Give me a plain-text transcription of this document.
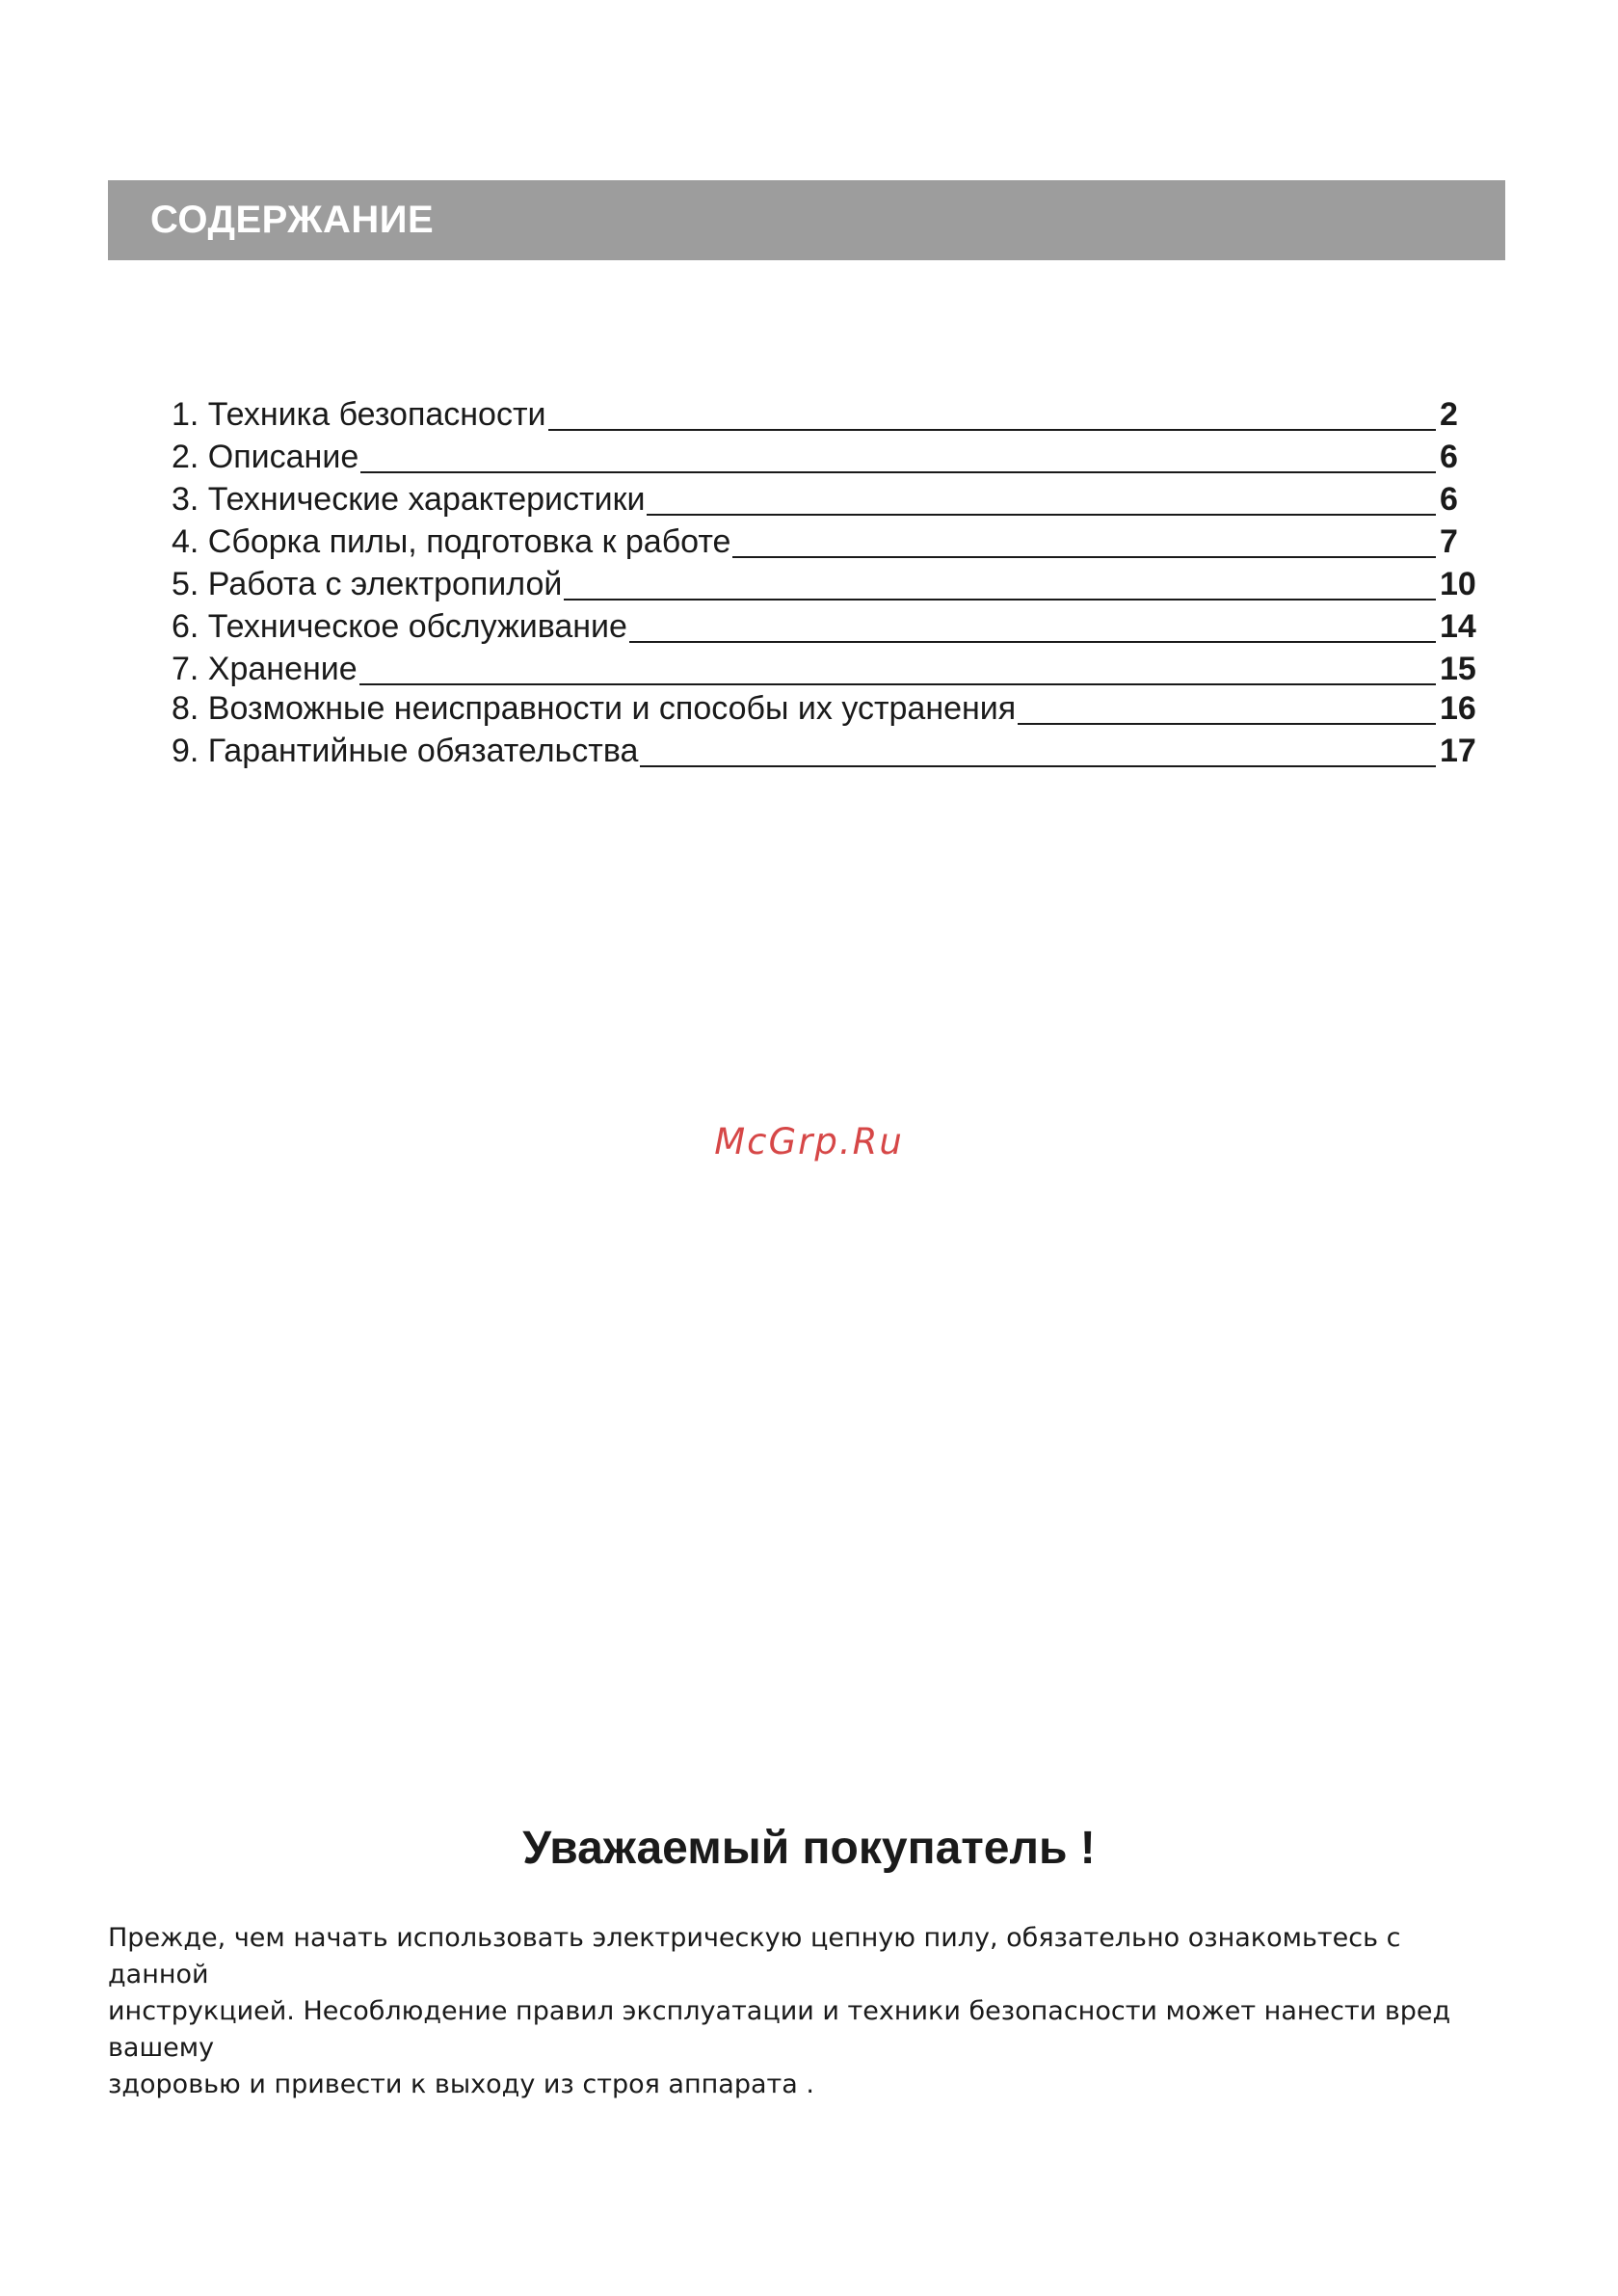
СОДЕРЖАНИЕ
1. Техника безопасности	2
2. Описание	6
3. Технические характеристики	6
4. Сборка пилы, подготовка к работе	7
5. Работа с электропилой	10
6. Техническое обслуживание	14
7. Хранение	15
8. Возможные неисправности и способы их устранения	16
9. Гарантийные обязательства	17
McGrp.Ru
Уважаемый покупатель !

Прежде, чем начать использовать электрическую цепную пилу, обязательно ознакомьтесь с данной

инструкцией. Несоблюдение правил эксплуатации и техники безопасности может нанести вред вашему

здоровью и привести к выходу из строя аппарата .
